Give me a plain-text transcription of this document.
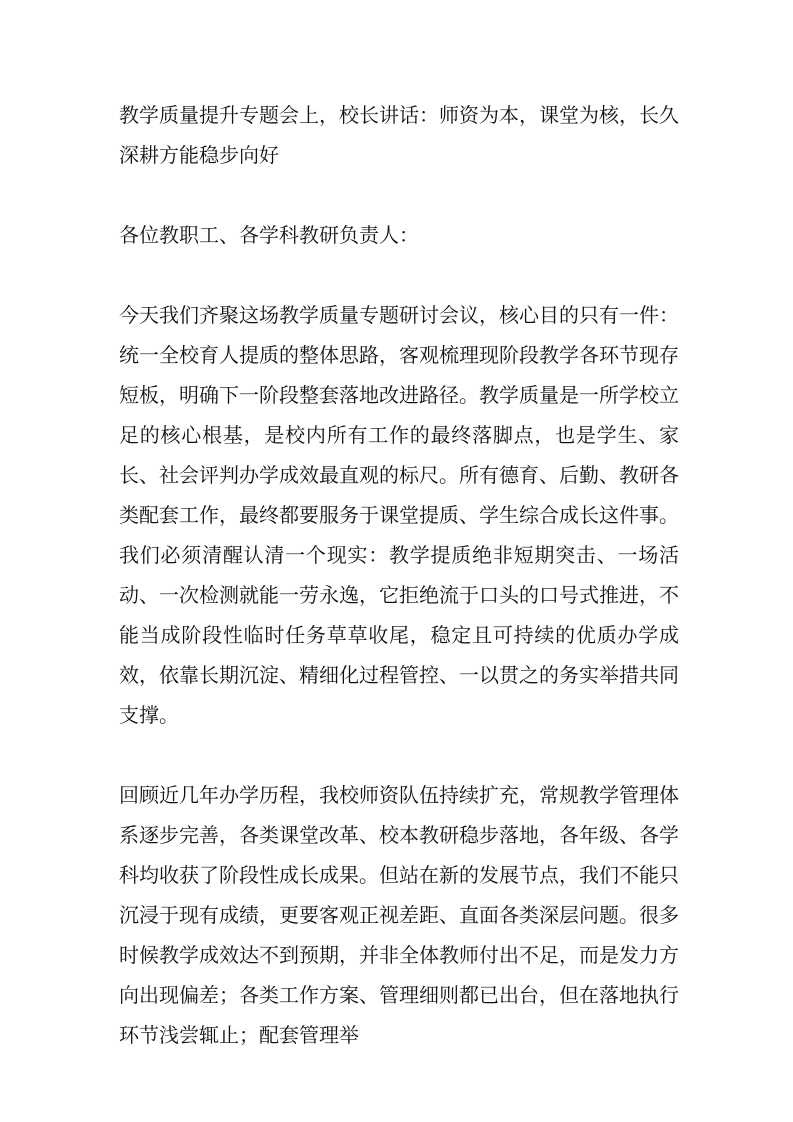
教学质量提升专题会上，校长讲话：师资为本，课堂为核，长久深耕方能稳步向好

各位教职工、各学科教研负责人：

今天我们齐聚这场教学质量专题研讨会议，核心目的只有一件：统一全校育人提质的整体思路，客观梳理现阶段教学各环节现存短板，明确下一阶段整套落地改进路径。教学质量是一所学校立足的核心根基，是校内所有工作的最终落脚点，也是学生、家长、社会评判办学成效最直观的标尺。所有德育、后勤、教研各类配套工作，最终都要服务于课堂提质、学生综合成长这件事。我们必须清醒认清一个现实：教学提质绝非短期突击、一场活动、一次检测就能一劳永逸，它拒绝流于口头的口号式推进，不能当成阶段性临时任务草草收尾，稳定且可持续的优质办学成效，依靠长期沉淀、精细化过程管控、一以贯之的务实举措共同支撑。

回顾近几年办学历程，我校师资队伍持续扩充，常规教学管理体系逐步完善，各类课堂改革、校本教研稳步落地，各年级、各学科均收获了阶段性成长成果。但站在新的发展节点，我们不能只沉浸于现有成绩，更要客观正视差距、直面各类深层问题。很多时候教学成效达不到预期，并非全体教师付出不足，而是发力方向出现偏差；各类工作方案、管理细则都已出台，但在落地执行环节浅尝辄止；配套管理举
